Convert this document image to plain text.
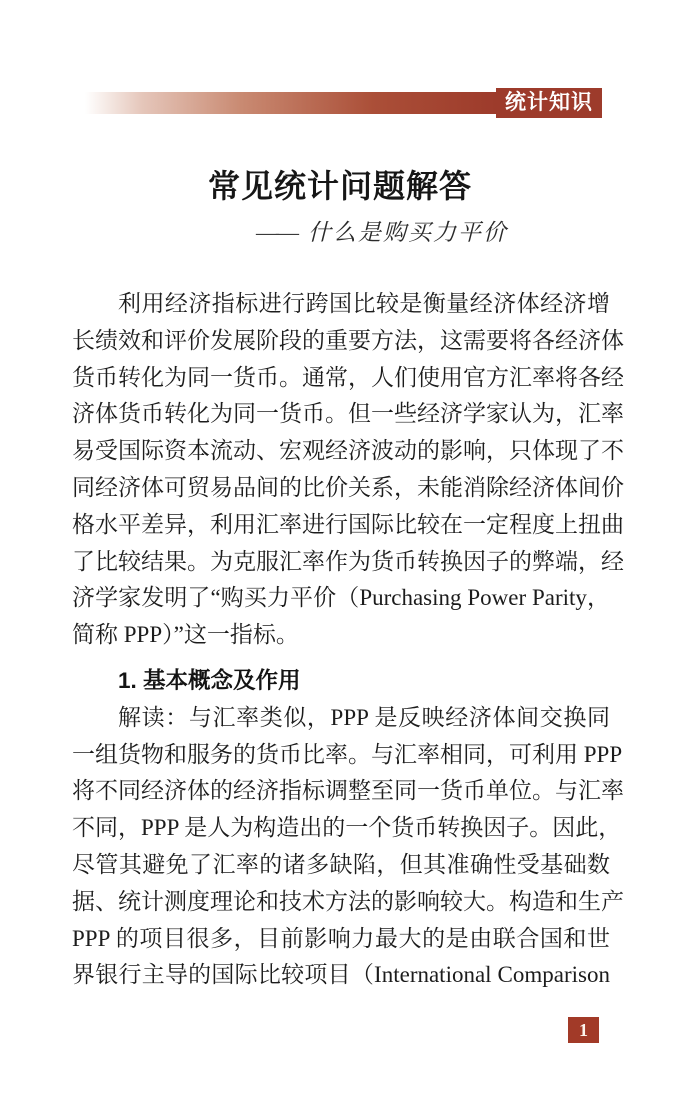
统计知识
常见统计问题解答
—— 什么是购买力平价
利用经济指标进行跨国比较是衡量经济体经济增
长绩效和评价发展阶段的重要方法，这需要将各经济体
货币转化为同一货币。通常，人们使用官方汇率将各经
济体货币转化为同一货币。但一些经济学家认为，汇率
易受国际资本流动、宏观经济波动的影响，只体现了不
同经济体可贸易品间的比价关系，未能消除经济体间价
格水平差异，利用汇率进行国际比较在一定程度上扭曲
了比较结果。为克服汇率作为货币转换因子的弊端，经
济学家发明了“购买力平价（Purchasing Power Parity，
简称 PPP）”这一指标。
1. 基本概念及作用
解读：与汇率类似，PPP 是反映经济体间交换同
一组货物和服务的货币比率。与汇率相同，可利用 PPP
将不同经济体的经济指标调整至同一货币单位。与汇率
不同，PPP 是人为构造出的一个货币转换因子。因此，
尽管其避免了汇率的诸多缺陷，但其准确性受基础数
据、统计测度理论和技术方法的影响较大。构造和生产
PPP 的项目很多，目前影响力最大的是由联合国和世
界银行主导的国际比较项目（International Comparison
1
